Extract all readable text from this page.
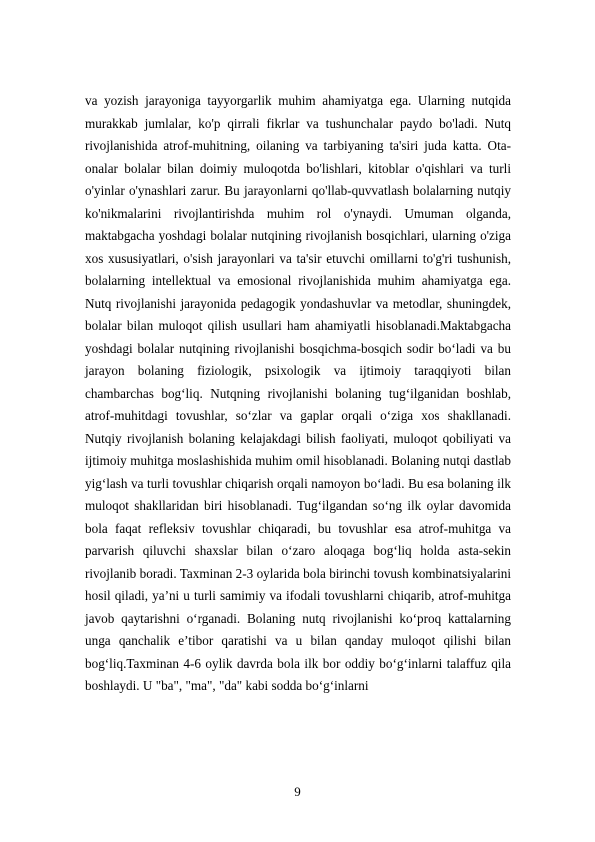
va yozish jarayoniga tayyorgarlik muhim ahamiyatga ega. Ularning nutqida murakkab jumlalar, ko'p qirrali fikrlar va tushunchalar paydo bo'ladi. Nutq rivojlanishida atrof-muhitning, oilaning va tarbiyaning ta'siri juda katta. Ota-onalar bolalar bilan doimiy muloqotda bo'lishlari, kitoblar o'qishlari va turli o'yinlar o'ynashlari zarur. Bu jarayonlarni qo'llab-quvvatlash bolalarning nutqiy ko'nikmalarini rivojlantirishda muhim rol o'ynaydi. Umuman olganda, maktabgacha yoshdagi bolalar nutqining rivojlanish bosqichlari, ularning o'ziga xos xususiyatlari, o'sish jarayonlari va ta'sir etuvchi omillarni to'g'ri tushunish, bolalarning intellektual va emosional rivojlanishida muhim ahamiyatga ega. Nutq rivojlanishi jarayonida pedagogik yondashuvlar va metodlar, shuningdek, bolalar bilan muloqot qilish usullari ham ahamiyatli hisoblanadi.Maktabgacha yoshdagi bolalar nutqining rivojlanishi bosqichma-bosqich sodir bo‘ladi va bu jarayon bolaning fiziologik, psixologik va ijtimoiy taraqqiyoti bilan chambarchas bog‘liq. Nutqning rivojlanishi bolaning tug‘ilganidan boshlab, atrof-muhitdagi tovushlar, so‘zlar va gaplar orqali o‘ziga xos shakllanadi. Nutqiy rivojlanish bolaning kelajakdagi bilish faoliyati, muloqot qobiliyati va ijtimoiy muhitga moslashishida muhim omil hisoblanadi. Bolaning nutqi dastlab yig‘lash va turli tovushlar chiqarish orqali namoyon bo‘ladi. Bu esa bolaning ilk muloqot shakllaridan biri hisoblanadi. Tug‘ilgandan so‘ng ilk oylar davomida bola faqat refleksiv tovushlar chiqaradi, bu tovushlar esa atrof-muhitga va parvarish qiluvchi shaxslar bilan o‘zaro aloqaga bog‘liq holda asta-sekin rivojlanib boradi. Taxminan 2-3 oylarida bola birinchi tovush kombinatsiyalarini hosil qiladi, ya’ni u turli samimiy va ifodali tovushlarni chiqarib, atrof-muhitga javob qaytarishni o‘rganadi. Bolaning nutq rivojlanishi ko‘proq kattalarning unga qanchalik e’tibor qaratishi va u bilan qanday muloqot qilishi bilan bog‘liq.Taxminan 4-6 oylik davrda bola ilk bor oddiy bo‘g‘inlarni talaffuz qila boshlaydi. U "ba", "ma", "da" kabi sodda bo‘g‘inlarni

9
